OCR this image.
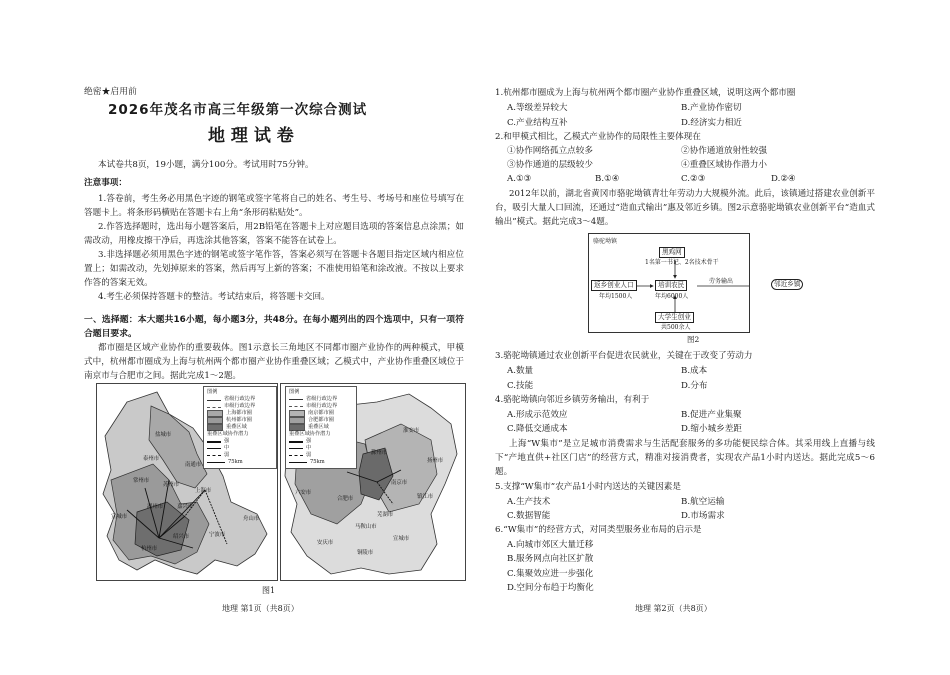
绝密★启用前
2026年茂名市高三年级第一次综合测试
地 理 试 卷
本试卷共8页，19小题，满分100分。考试用时75分钟。
注意事项：
1.答卷前，考生务必用黑色字迹的钢笔或签字笔将自己的姓名、考生号、考场号和座位号填写在答题卡上。将条形码横贴在答题卡右上角“条形码粘贴处”。
2.作答选择题时，选出每小题答案后，用2B铅笔在答题卡上对应题目选项的答案信息点涂黑；如需改动，用橡皮擦干净后，再选涂其他答案，答案不能答在试卷上。
3.非选择题必须用黑色字迹的钢笔或签字笔作答，答案必须写在答题卡各题目指定区域内相应位置上；如需改动，先划掉原来的答案，然后再写上新的答案；不准使用铅笔和涂改液。不按以上要求作答的答案无效。
4.考生必须保持答题卡的整洁。考试结束后，将答题卡交回。
一、选择题：本大题共16小题，每小题3分，共48分。在每小题列出的四个选项中，只有一项符合题目要求。
都市圈是区域产业协作的重要载体。图1示意长三角地区不同都市圈产业协作的两种模式，甲模式中，杭州都市圈成为上海与杭州两个都市圈产业协作重叠区域；乙模式中，产业协作重叠区域位于南京市与合肥市之间。据此完成1～2题。
盐城市
泰州市
南通市
常州市
苏州市
上海市
湖州市	嘉兴市
宣城市
杭州市
绍兴市	宁波市
舟山市
图例
省级行政边界
市级行政边界
上海都市圈
杭州都市圈
重叠区域
重叠区域协作潜力
强
中
弱
75km
淮安市
滁州市
扬州市
镇江市
六安市
合肥市
南京市
芜湖市
马鞍山市
安庆市
宣城市
铜陵市
图例
省级行政边界
市级行政边界
南京都市圈
合肥都市圈
重叠区域
重叠区域协作潜力
强
中
弱
75km
图1
地理 第1页（共8页）
1.杭州都市圈成为上海与杭州两个都市圈产业协作重叠区域，说明这两个都市圈
A.等级差异较大	B.产业协作密切
C.产业结构互补	D.经济实力相近
2.和甲模式相比，乙模式产业协作的局限性主要体现在
①协作网络孤立点较多	②协作通道放射性较强
③协作通道的层级较少	④重叠区域协作潜力小
A.①③	B.①④	C.②③	D.②④
2012年以前，湖北省黄冈市骆驼坳镇青壮年劳动力大规模外流。此后，该镇通过搭建农业创新平台，吸引大量人口回流，还通过“造血式输出”惠及邻近乡镇。图2示意骆驼坳镇农业创新平台“造血式输出”模式。据此完成3～4题。
骆驼坳镇
黑鸡网
1名第一书记、2名技术骨干
返乡创业人口
年均1500人
培训农民
年均6000人
劳务输出
大学生创业
共500余人
邻近乡镇
图2
3.骆驼坳镇通过农业创新平台促进农民就业，关键在于改变了劳动力
A.数量	B.成本
C.技能	D.分布
4.骆驼坳镇向邻近乡镇劳务输出，有利于
A.形成示范效应	B.促进产业集聚
C.降低交通成本	D.缩小城乡差距
上海“W集市”是立足城市消费需求与生活配套服务的多功能便民综合体。其采用线上直播与线下“产地直供+社区门店”的经营方式，精准对接消费者，实现农产品1小时内送达。据此完成5～6题。
5.支撑“W集市”农产品1小时内送达的关键因素是
A.生产技术	B.航空运输
C.数据智能	D.市场需求
6.“W集市”的经营方式，对同类型服务业布局的启示是
A.向城市郊区大量迁移
B.服务网点向社区扩散
C.集聚效应进一步强化
D.空间分布趋于均衡化
地理 第2页（共8页）
